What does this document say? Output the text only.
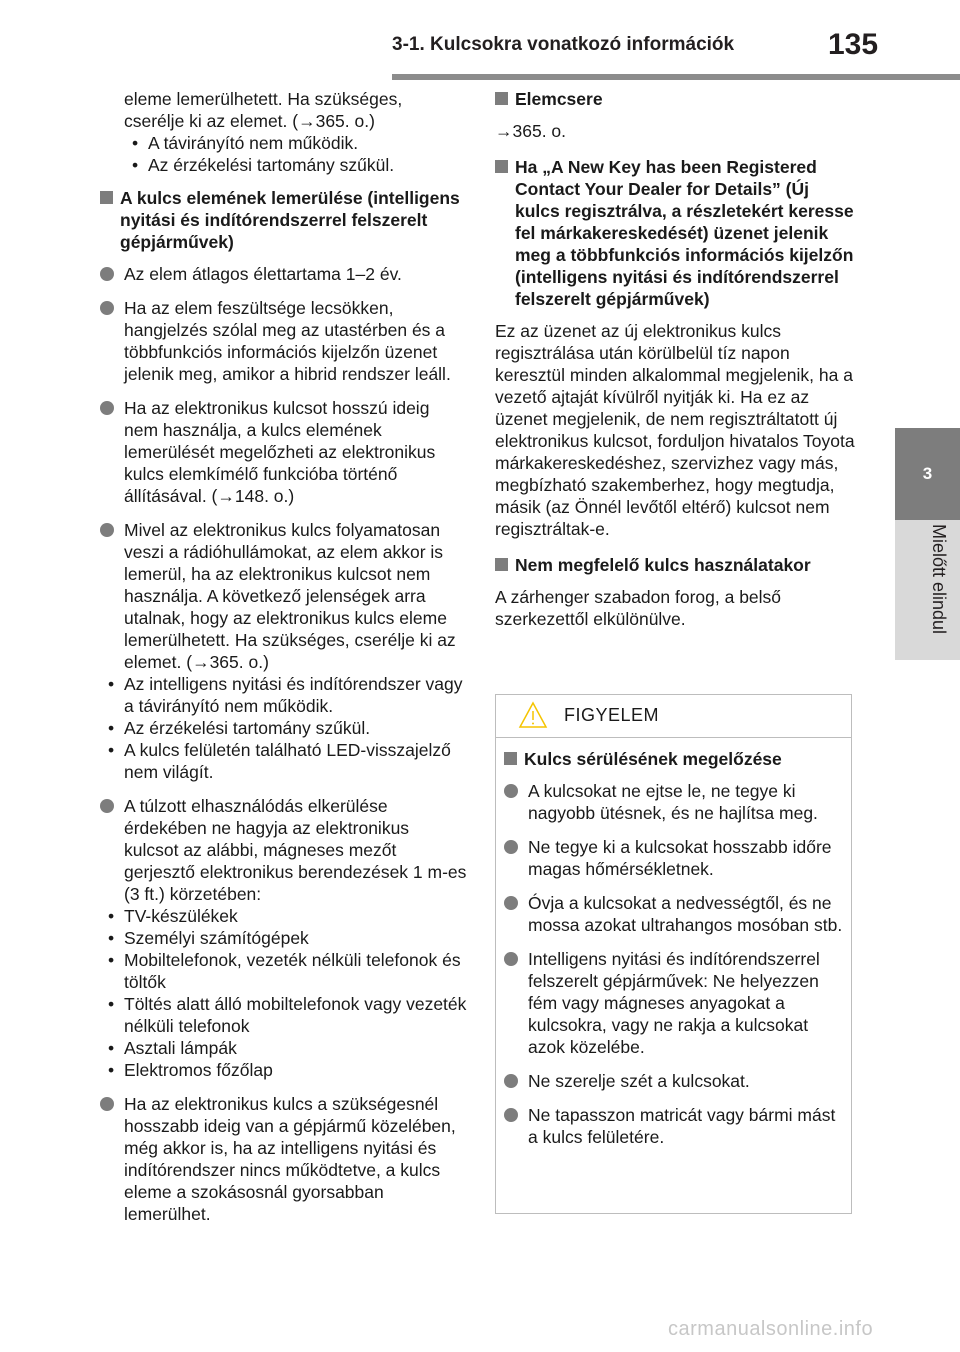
3-1. Kulcsokra vonatkozó információk	135
3
Mielőtt elindul
eleme lemerülhetett. Ha szükséges,
cserélje ki az elemet. (→365. o.)
• A távirányító nem működik.
• Az érzékelési tartomány szűkül.
A kulcs elemének lemerülése (intelligens nyitási és indítórendszerrel felszerelt gépjárművek)
Az elem átlagos élettartama 1–2 év.
Ha az elem feszültsége lecsökken, hangjelzés szólal meg az utastérben és a többfunkciós információs kijelzőn üzenet jelenik meg, amikor a hibrid rendszer leáll.
Ha az elektronikus kulcsot hosszú ideig nem használja, a kulcs elemének lemerülését megelőzheti az elektronikus kulcs elemkímélő funkcióba történő állításával. (→148. o.)
Mivel az elektronikus kulcs folyamatosan veszi a rádióhullámokat, az elem akkor is lemerül, ha az elektronikus kulcsot nem használja. A következő jelenségek arra utalnak, hogy az elektronikus kulcs eleme lemerülhetett. Ha szükséges, cserélje ki az elemet. (→365. o.)
• Az intelligens nyitási és indítórendszer vagy a távirányító nem működik.
• Az érzékelési tartomány szűkül.
• A kulcs felületén található LED-visszajelző nem világít.
A túlzott elhasználódás elkerülése érdekében ne hagyja az elektronikus kulcsot az alábbi, mágneses mezőt gerjesztő elektronikus berendezések 1 m-es (3 ft.) körzetében:
• TV-készülékek
• Személyi számítógépek
• Mobiltelefonok, vezeték nélküli telefonok és töltők
• Töltés alatt álló mobiltelefonok vagy vezeték nélküli telefonok
• Asztali lámpák
• Elektromos főzőlap
Ha az elektronikus kulcs a szükségesnél hosszabb ideig van a gépjármű közelében, még akkor is, ha az intelligens nyitási és indítórendszer nincs működtetve, a kulcs eleme a szokásosnál gyorsabban lemerülhet.
Elemcsere
→365. o.
Ha „A New Key has been Registered Contact Your Dealer for Details” (Új kulcs regisztrálva, a részletekért keresse fel márkakereskedését) üzenet jelenik meg a többfunkciós információs kijelzőn (intelligens nyitási és indítórendszerrel felszerelt gépjárművek)
Ez az üzenet az új elektronikus kulcs regisztrálása után körülbelül tíz napon keresztül minden alkalommal megjelenik, ha a vezető ajtaját kívülről nyitják ki. Ha ez az üzenet megjelenik, de nem regisztráltatott új elektronikus kulcsot, forduljon hivatalos Toyota márkakereskedéshez, szervizhez vagy más, megbízható szakemberhez, hogy megtudja, másik (az Önnél levőtől eltérő) kulcsot nem regisztráltak-e.
Nem megfelelő kulcs használatakor
A zárhenger szabadon forog, a belső szerkezettől elkülönülve.
FIGYELEM
Kulcs sérülésének megelőzése
A kulcsokat ne ejtse le, ne tegye ki nagyobb ütésnek, és ne hajlítsa meg.
Ne tegye ki a kulcsokat hosszabb időre magas hőmérsékletnek.
Óvja a kulcsokat a nedvességtől, és ne mossa azokat ultrahangos mosóban stb.
Intelligens nyitási és indítórendszerrel felszerelt gépjárművek: Ne helyezzen fém vagy mágneses anyagokat a kulcsokra, vagy ne rakja a kulcsokat azok közelébe.
Ne szerelje szét a kulcsokat.
Ne tapasszon matricát vagy bármi mást a kulcs felületére.
carmanualsonline.info
